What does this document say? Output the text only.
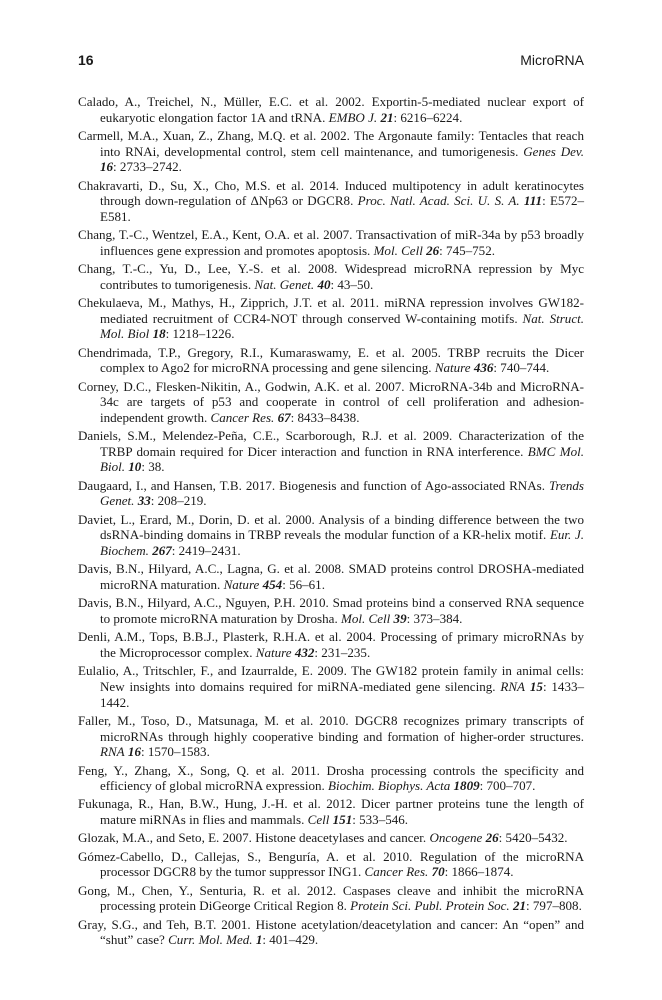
16	MicroRNA

Calado, A., Treichel, N., Müller, E.C. et al. 2002. Exportin-5-mediated nuclear export of eukaryotic elongation factor 1A and tRNA. EMBO J. 21: 6216–6224.

Carmell, M.A., Xuan, Z., Zhang, M.Q. et al. 2002. The Argonaute family: Tentacles that reach into RNAi, developmental control, stem cell maintenance, and tumorigenesis. Genes Dev. 16: 2733–2742.

Chakravarti, D., Su, X., Cho, M.S. et al. 2014. Induced multipotency in adult keratinocytes through down-regulation of ΔNp63 or DGCR8. Proc. Natl. Acad. Sci. U. S. A. 111: E572–E581.

Chang, T.-C., Wentzel, E.A., Kent, O.A. et al. 2007. Transactivation of miR-34a by p53 broadly influences gene expression and promotes apoptosis. Mol. Cell 26: 745–752.

Chang, T.-C., Yu, D., Lee, Y.-S. et al. 2008. Widespread microRNA repression by Myc contributes to tumorigenesis. Nat. Genet. 40: 43–50.

Chekulaeva, M., Mathys, H., Zipprich, J.T. et al. 2011. miRNA repression involves GW182-mediated recruitment of CCR4-NOT through conserved W-containing motifs. Nat. Struct. Mol. Biol 18: 1218–1226.

Chendrimada, T.P., Gregory, R.I., Kumaraswamy, E. et al. 2005. TRBP recruits the Dicer complex to Ago2 for microRNA processing and gene silencing. Nature 436: 740–744.

Corney, D.C., Flesken-Nikitin, A., Godwin, A.K. et al. 2007. MicroRNA-34b and MicroRNA-34c are targets of p53 and cooperate in control of cell proliferation and adhesion-independent growth. Cancer Res. 67: 8433–8438.

Daniels, S.M., Melendez-Peña, C.E., Scarborough, R.J. et al. 2009. Characterization of the TRBP domain required for Dicer interaction and function in RNA interference. BMC Mol. Biol. 10: 38.

Daugaard, I., and Hansen, T.B. 2017. Biogenesis and function of Ago-associated RNAs. Trends Genet. 33: 208–219.

Daviet, L., Erard, M., Dorin, D. et al. 2000. Analysis of a binding difference between the two dsRNA-binding domains in TRBP reveals the modular function of a KR-helix motif. Eur. J. Biochem. 267: 2419–2431.

Davis, B.N., Hilyard, A.C., Lagna, G. et al. 2008. SMAD proteins control DROSHA-mediated microRNA maturation. Nature 454: 56–61.

Davis, B.N., Hilyard, A.C., Nguyen, P.H. 2010. Smad proteins bind a conserved RNA sequence to promote microRNA maturation by Drosha. Mol. Cell 39: 373–384.

Denli, A.M., Tops, B.B.J., Plasterk, R.H.A. et al. 2004. Processing of primary microRNAs by the Microprocessor complex. Nature 432: 231–235.

Eulalio, A., Tritschler, F., and Izaurralde, E. 2009. The GW182 protein family in animal cells: New insights into domains required for miRNA-mediated gene silencing. RNA 15: 1433–1442.

Faller, M., Toso, D., Matsunaga, M. et al. 2010. DGCR8 recognizes primary transcripts of microRNAs through highly cooperative binding and formation of higher-order structures. RNA 16: 1570–1583.

Feng, Y., Zhang, X., Song, Q. et al. 2011. Drosha processing controls the specificity and efficiency of global microRNA expression. Biochim. Biophys. Acta 1809: 700–707.

Fukunaga, R., Han, B.W., Hung, J.-H. et al. 2012. Dicer partner proteins tune the length of mature miRNAs in flies and mammals. Cell 151: 533–546.

Glozak, M.A., and Seto, E. 2007. Histone deacetylases and cancer. Oncogene 26: 5420–5432.

Gómez-Cabello, D., Callejas, S., Benguría, A. et al. 2010. Regulation of the microRNA processor DGCR8 by the tumor suppressor ING1. Cancer Res. 70: 1866–1874.

Gong, M., Chen, Y., Senturia, R. et al. 2012. Caspases cleave and inhibit the microRNA processing protein DiGeorge Critical Region 8. Protein Sci. Publ. Protein Soc. 21: 797–808.

Gray, S.G., and Teh, B.T. 2001. Histone acetylation/deacetylation and cancer: An “open” and “shut” case? Curr. Mol. Med. 1: 401–429.
